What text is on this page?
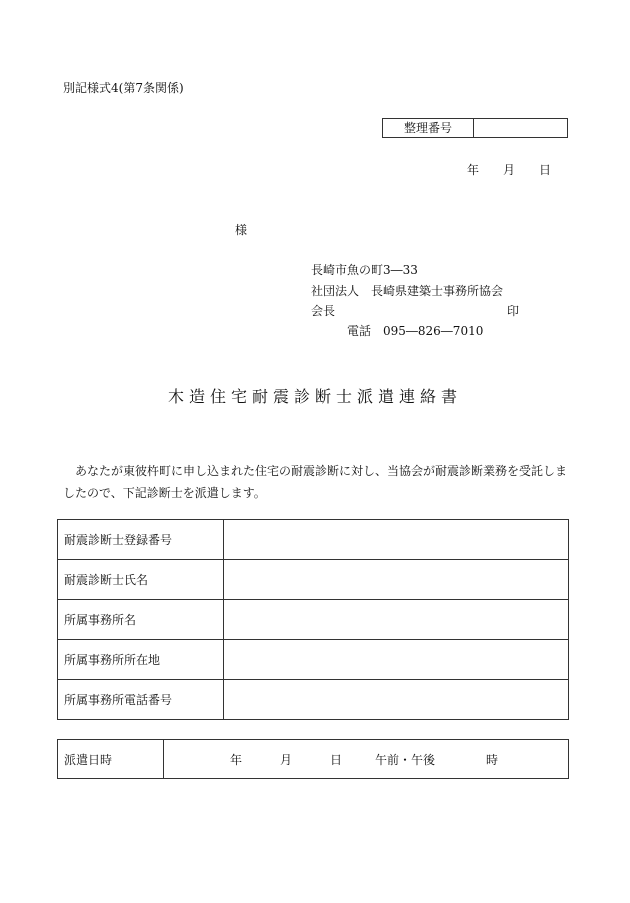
別記様式4(第7条関係)
整理番号
年 月 日
様
長崎市魚の町3―33
社団法人　長崎県建築士事務所協会
会長	印
電話　095―826―7010
木造住宅耐震診断士派遣連絡書
あなたが東彼杵町に申し込まれた住宅の耐震診断に対し、当協会が耐震診断業務を受託しましたので、下記診断士を派遣します。
耐震診断士登録番号	
耐震診断士氏名	
所属事務所名	
所属事務所所在地	
所属事務所電話番号	
派遣日時		年	月	日	午前・午後	時
